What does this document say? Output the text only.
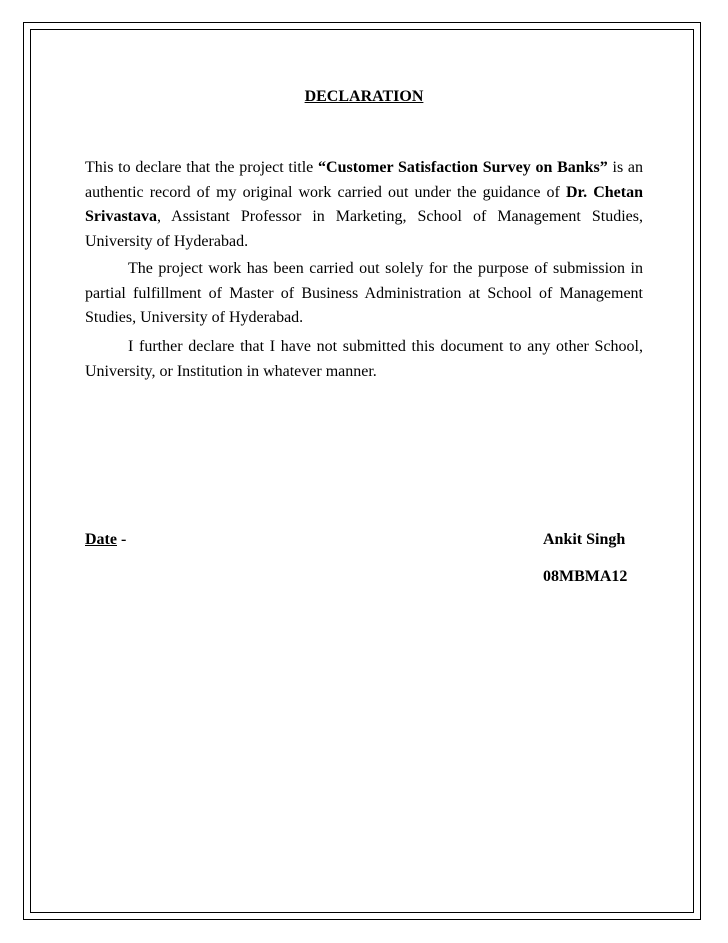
DECLARATION

This to declare that the project title “Customer Satisfaction Survey on Banks” is an authentic record of my original work carried out under the guidance of Dr. Chetan Srivastava, Assistant Professor in Marketing, School of Management Studies, University of Hyderabad.

The project work has been carried out solely for the purpose of submission in partial fulfillment of Master of Business Administration at School of Management Studies, University of Hyderabad.

I further declare that I have not submitted this document to any other School, University, or Institution in whatever manner.

Date -	Ankit Singh
08MBMA12
